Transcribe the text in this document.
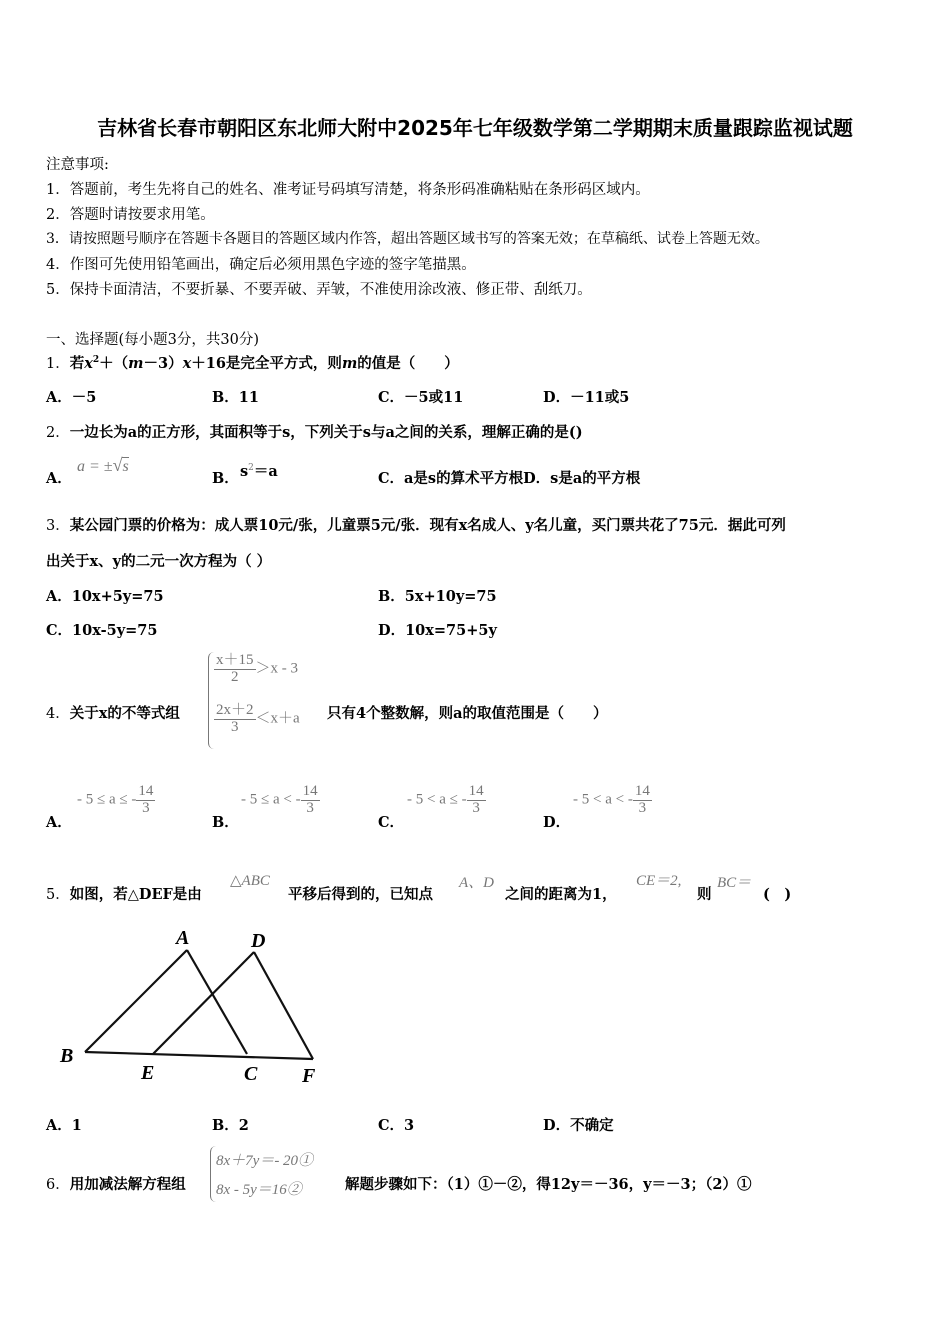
吉林省长春市朝阳区东北师大附中2025年七年级数学第二学期期末质量跟踪监视试题
注意事项:
1．答题前，考生先将自己的姓名、准考证号码填写清楚，将条形码准确粘贴在条形码区域内。
2．答题时请按要求用笔。
3．请按照题号顺序在答题卡各题目的答题区域内作答，超出答题区域书写的答案无效；在草稿纸、试卷上答题无效。
4．作图可先使用铅笔画出，确定后必须用黑色字迹的签字笔描黑。
5．保持卡面清洁，不要折暴、不要弄破、弄皱，不准使用涂改液、修正带、刮纸刀。
一、选择题(每小题3分，共30分)
1．若$x^2+(m-3)x+16$是完全平方式，则m的值是（　　）
A．－5	B．11	C．－5或11	D．－11或5
2．一边长为a的正方形，其面积等于s，下列关于s与a之间的关系，理解正确的是()
A．
a = ±√s
B． $s^2=a$	C．a是s的算术平方根D．s是a的平方根
3．某公园门票的价格为：成人票10元/张，儿童票5元/张．现有x名成人、y名儿童，买门票共花了75元．据此可列
出关于x、y的二元一次方程为（ ）
A．10x+5y=75	B．5x+10y=75
C．10x-5y=75	D．10x=75+5y
4．关于x的不等式组
$\frac{x+15}{2} >x - 3$
$\frac{2x+2}{3} <x+a$ 只有4个整数解，则a的取值范围是（　　）
A．
- 5 ≤ a ≤ - $\frac{14}{3}$
B．
- 5 ≤ a < - $\frac{14}{3}$
C．
- 5 < a ≤ - $\frac{14}{3}$
D．
- 5 < a < - $\frac{14}{3}$
5．如图，若△DEF是由
△ABC
平移后得到的，已知点
A、D
之间的距离为1，
CE＝2,
则
BC＝
(　)
A	D
B
E	C F
A．1	B．2	C．3	D．不确定
6．用加减法解方程组
8x＋7y＝- 20①
8x - 5y＝16②	解题步骤如下：（1）①－②，得12y＝－36，y＝－3；（2）①
